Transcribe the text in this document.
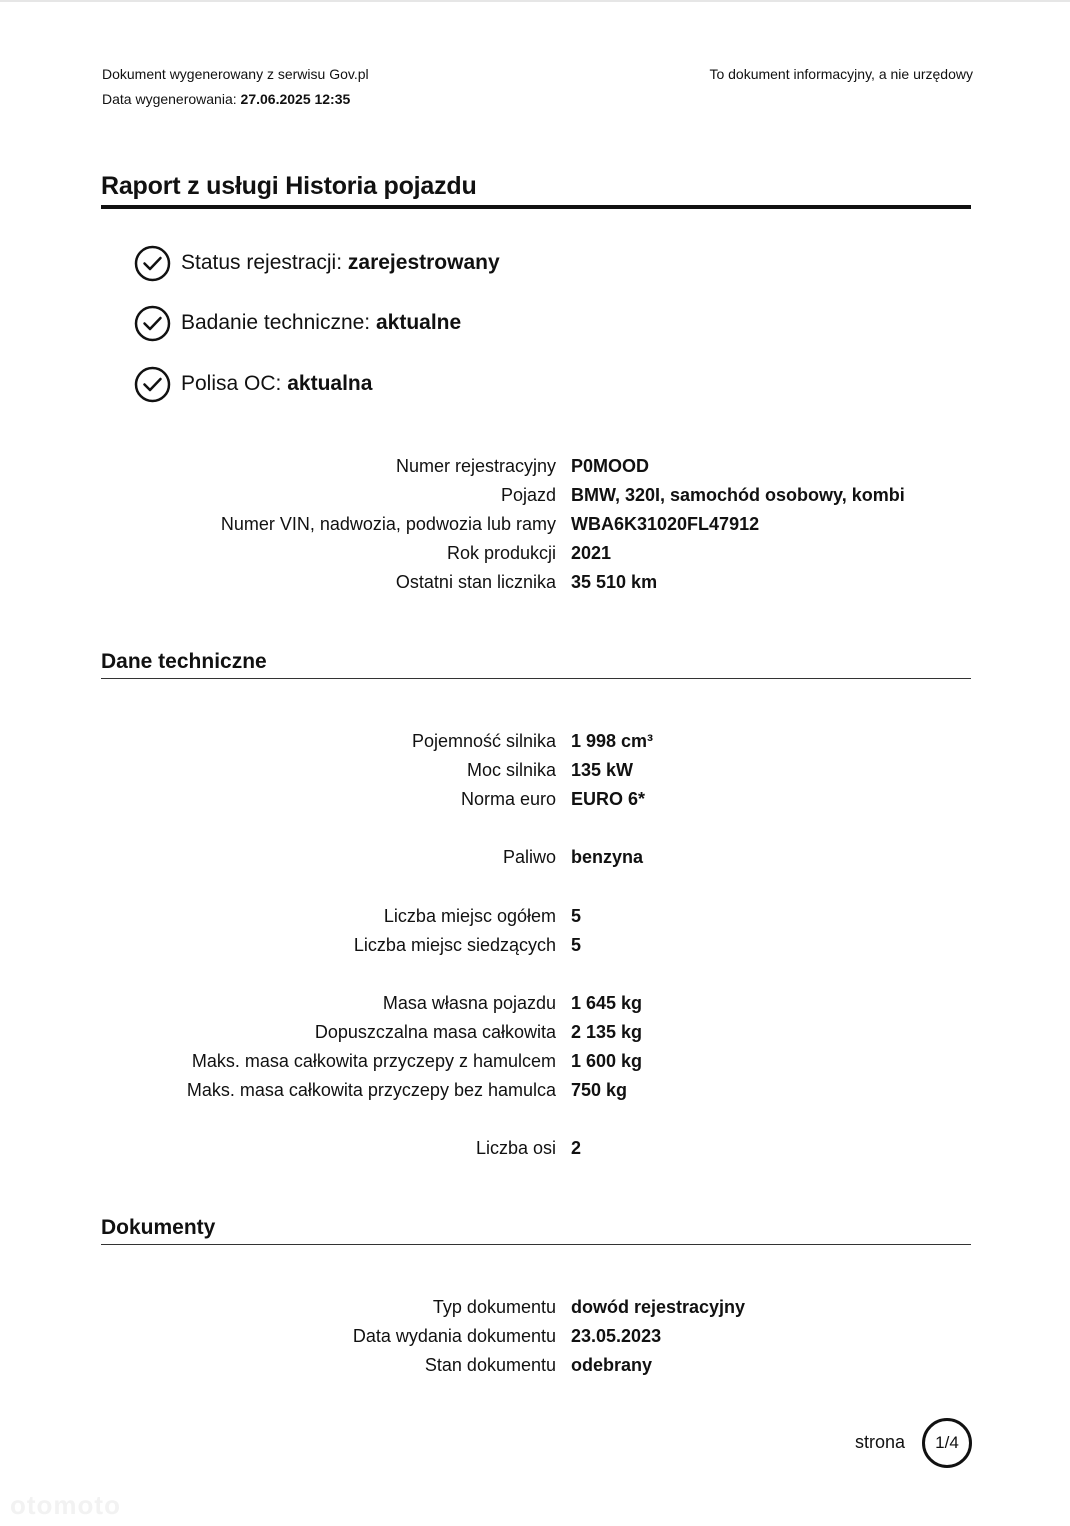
Dokument wygenerowany z serwisu Gov.pl
Data wygenerowania: 27.06.2025 12:35
To dokument informacyjny, a nie urzędowy
Raport z usługi Historia pojazdu
Status rejestracji:
zarejestrowany
Badanie techniczne:
aktualne
Polisa OC:
aktualna
Numer rejestracyjny P0MOOD
Pojazd BMW, 320I, samochód osobowy, kombi
Numer VIN, nadwozia, podwozia lub ramy WBA6K31020FL47912
Rok produkcji 2021
Ostatni stan licznika 35 510 km
Dane techniczne
Pojemność silnika 1 998 cm³
Moc silnika 135 kW
Norma euro EURO 6*
Paliwo benzyna
Liczba miejsc ogółem 5
Liczba miejsc siedzących 5
Masa własna pojazdu 1 645 kg
Dopuszczalna masa całkowita 2 135 kg
Maks. masa całkowita przyczepy z hamulcem 1 600 kg
Maks. masa całkowita przyczepy bez hamulca 750 kg
Liczba osi 2
Dokumenty
Typ dokumentu dowód rejestracyjny
Data wydania dokumentu 23.05.2023
Stan dokumentu odebrany
strona	1/4
otomoto
